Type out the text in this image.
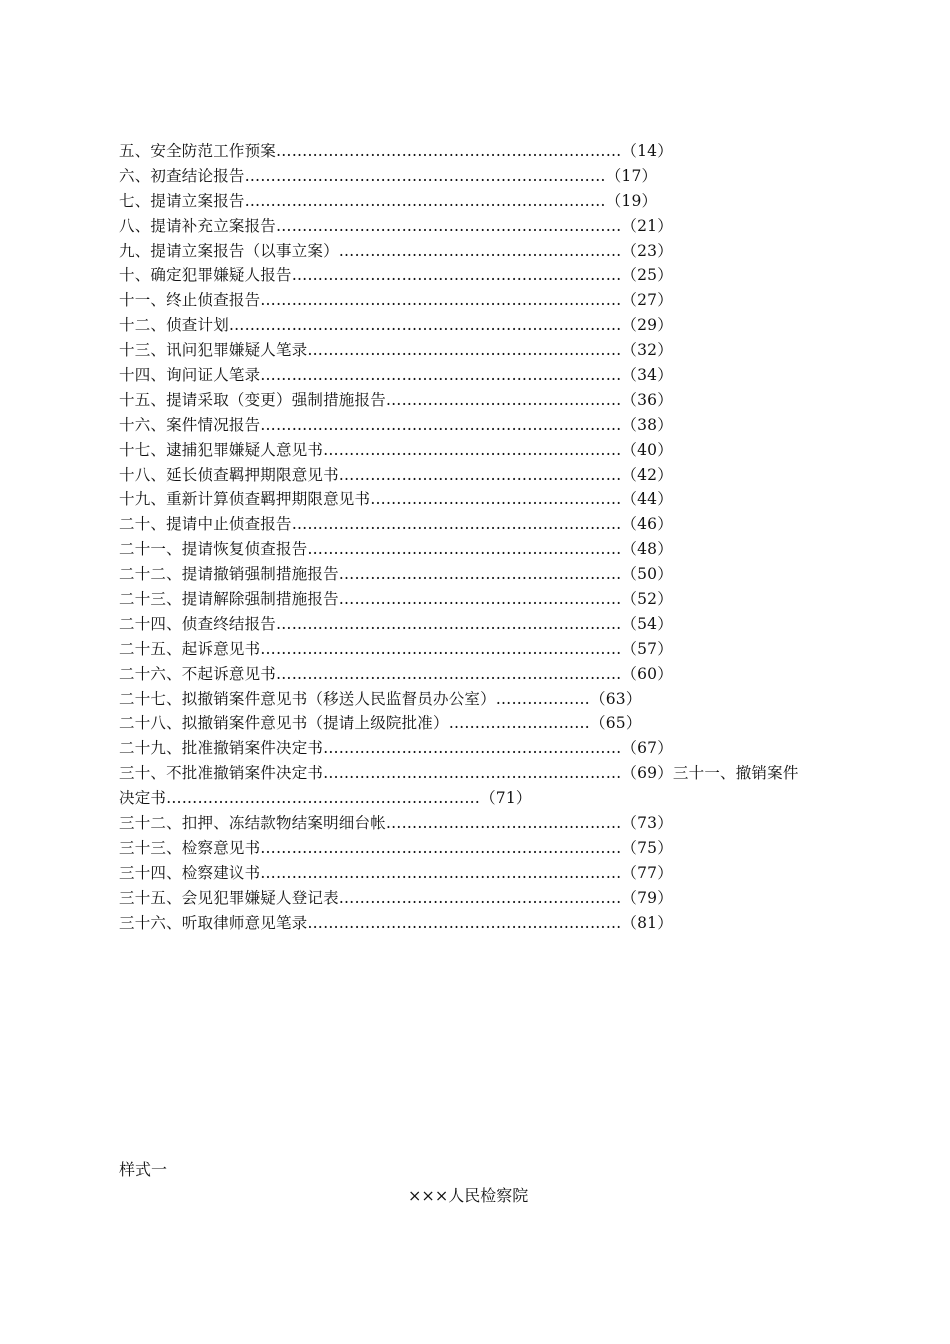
五、安全防范工作预案…………………………………………………………（14）
六、初查结论报告……………………………………………………………（17）
七、提请立案报告……………………………………………………………（19）
八、提请补充立案报告…………………………………………………………（21）
九、提请立案报告（以事立案）………………………………………………（23）
十、确定犯罪嫌疑人报告………………………………………………………（25）
十一、终止侦查报告……………………………………………………………（27）
十二、侦查计划…………………………………………………………………（29）
十三、讯问犯罪嫌疑人笔录……………………………………………………（32）
十四、询问证人笔录……………………………………………………………（34）
十五、提请采取（变更）强制措施报告………………………………………（36）
十六、案件情况报告……………………………………………………………（38）
十七、逮捕犯罪嫌疑人意见书…………………………………………………（40）
十八、延长侦查羁押期限意见书………………………………………………（42）
十九、重新计算侦查羁押期限意见书…………………………………………（44）
二十、提请中止侦查报告………………………………………………………（46）
二十一、提请恢复侦查报告……………………………………………………（48）
二十二、提请撤销强制措施报告………………………………………………（50）
二十三、提请解除强制措施报告………………………………………………（52）
二十四、侦查终结报告…………………………………………………………（54）
二十五、起诉意见书……………………………………………………………（57）
二十六、不起诉意见书…………………………………………………………（60）
二十七、拟撤销案件意见书（移送人民监督员办公室）………………（63）
二十八、拟撤销案件意见书（提请上级院批准）………………………（65）
二十九、批准撤销案件决定书…………………………………………………（67）
三十、不批准撤销案件决定书…………………………………………………（69）三十一、撤销案件
决定书……………………………………………………（71）
三十二、扣押、冻结款物结案明细台帐………………………………………（73）
三十三、检察意见书……………………………………………………………（75）
三十四、检察建议书……………………………………………………………（77）
三十五、会见犯罪嫌疑人登记表………………………………………………（79）
三十六、听取律师意见笔录……………………………………………………（81）
样式一
×××人民检察院
